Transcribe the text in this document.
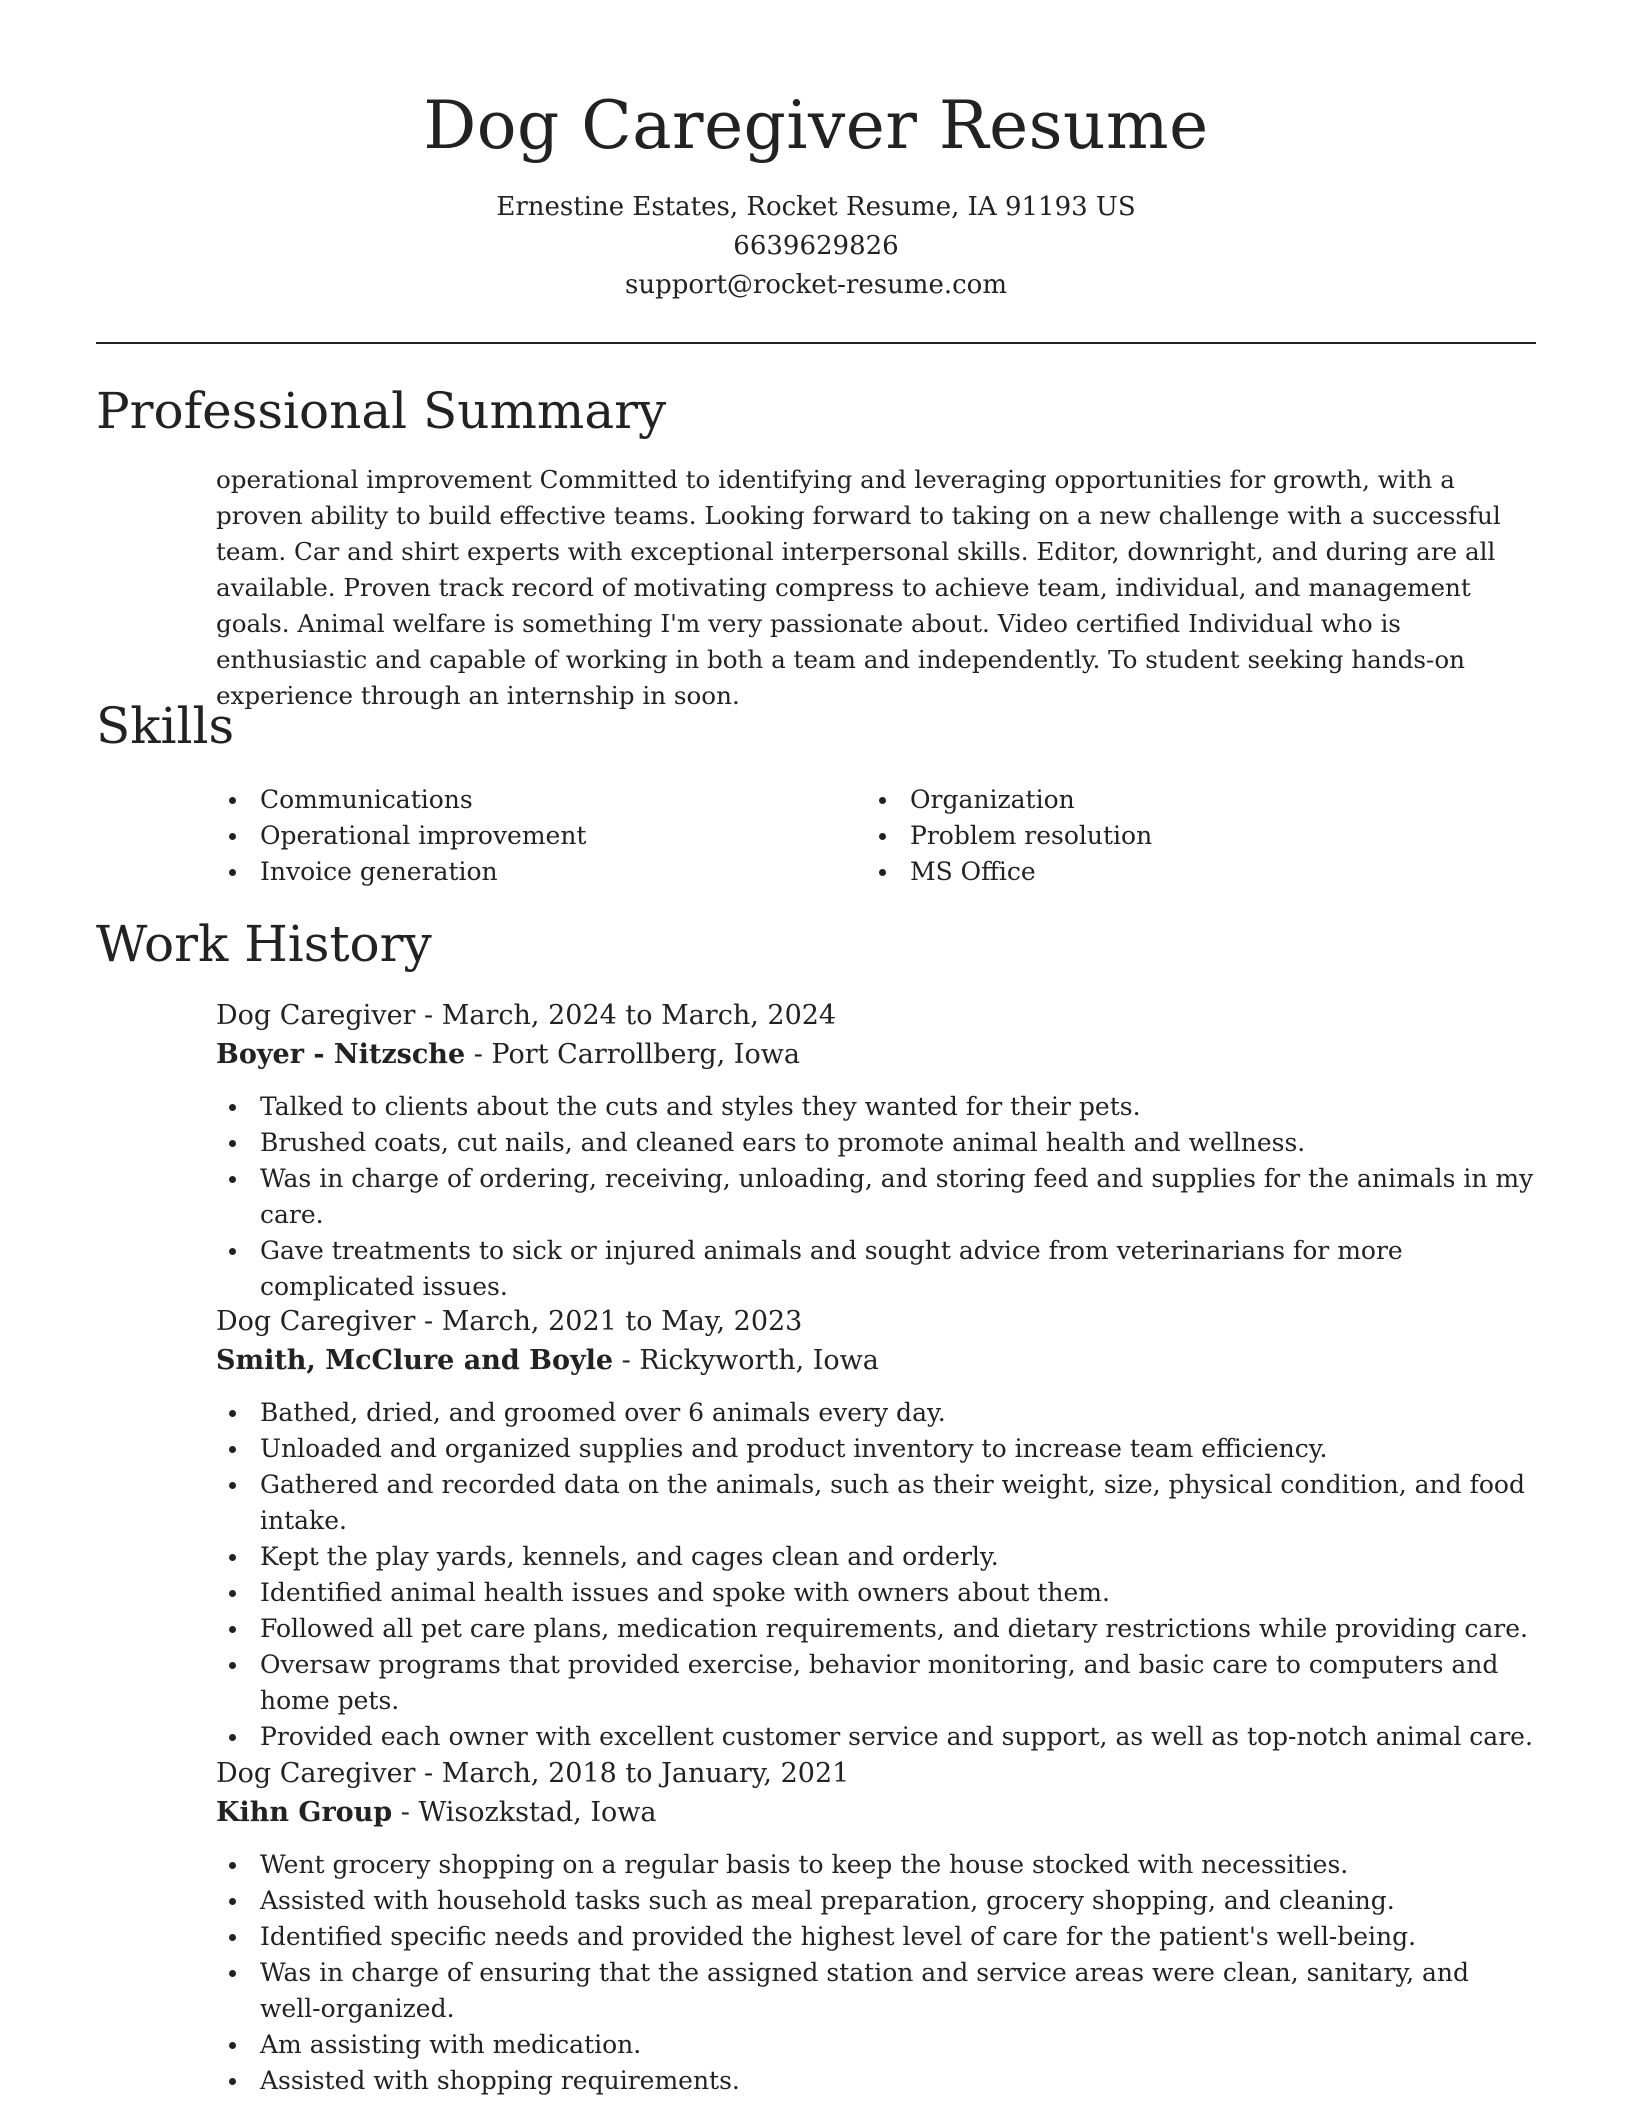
Dog Caregiver Resume

Ernestine Estates, Rocket Resume, IA 91193 US

6639629826

support@rocket-resume.com

Professional Summary

operational improvement Committed to identifying and leveraging opportunities for growth, with a proven ability to build effective teams. Looking forward to taking on a new challenge with a successful team. Car and shirt experts with exceptional interpersonal skills. Editor, downright, and during are all available. Proven track record of motivating compress to achieve team, individual, and management goals. Animal welfare is something I'm very passionate about. Video certified Individual who is enthusiastic and capable of working in both a team and independently. To student seeking hands-on experience through an internship in soon.

Skills
Communications
Operational improvement
Invoice generation
Organization
Problem resolution
MS Office
Work History

Dog Caregiver - March, 2024 to March, 2024

Boyer - Nitzsche - Port Carrollberg, Iowa

Talked to clients about the cuts and styles they wanted for their pets.
Brushed coats, cut nails, and cleaned ears to promote animal health and wellness.
Was in charge of ordering, receiving, unloading, and storing feed and supplies for the animals in my care.
Gave treatments to sick or injured animals and sought advice from veterinarians for more complicated issues.

Dog Caregiver - March, 2021 to May, 2023

Smith, McClure and Boyle - Rickyworth, Iowa

Bathed, dried, and groomed over 6 animals every day.
Unloaded and organized supplies and product inventory to increase team efficiency.
Gathered and recorded data on the animals, such as their weight, size, physical condition, and food intake.
Kept the play yards, kennels, and cages clean and orderly.
Identified animal health issues and spoke with owners about them.
Followed all pet care plans, medication requirements, and dietary restrictions while providing care.
Oversaw programs that provided exercise, behavior monitoring, and basic care to computers and home pets.
Provided each owner with excellent customer service and support, as well as top-notch animal care.

Dog Caregiver - March, 2018 to January, 2021

Kihn Group - Wisozkstad, Iowa

Went grocery shopping on a regular basis to keep the house stocked with necessities.
Assisted with household tasks such as meal preparation, grocery shopping, and cleaning.
Identified specific needs and provided the highest level of care for the patient's well-being.
Was in charge of ensuring that the assigned station and service areas were clean, sanitary, and well-organized.
Am assisting with medication.
Assisted with shopping requirements.
